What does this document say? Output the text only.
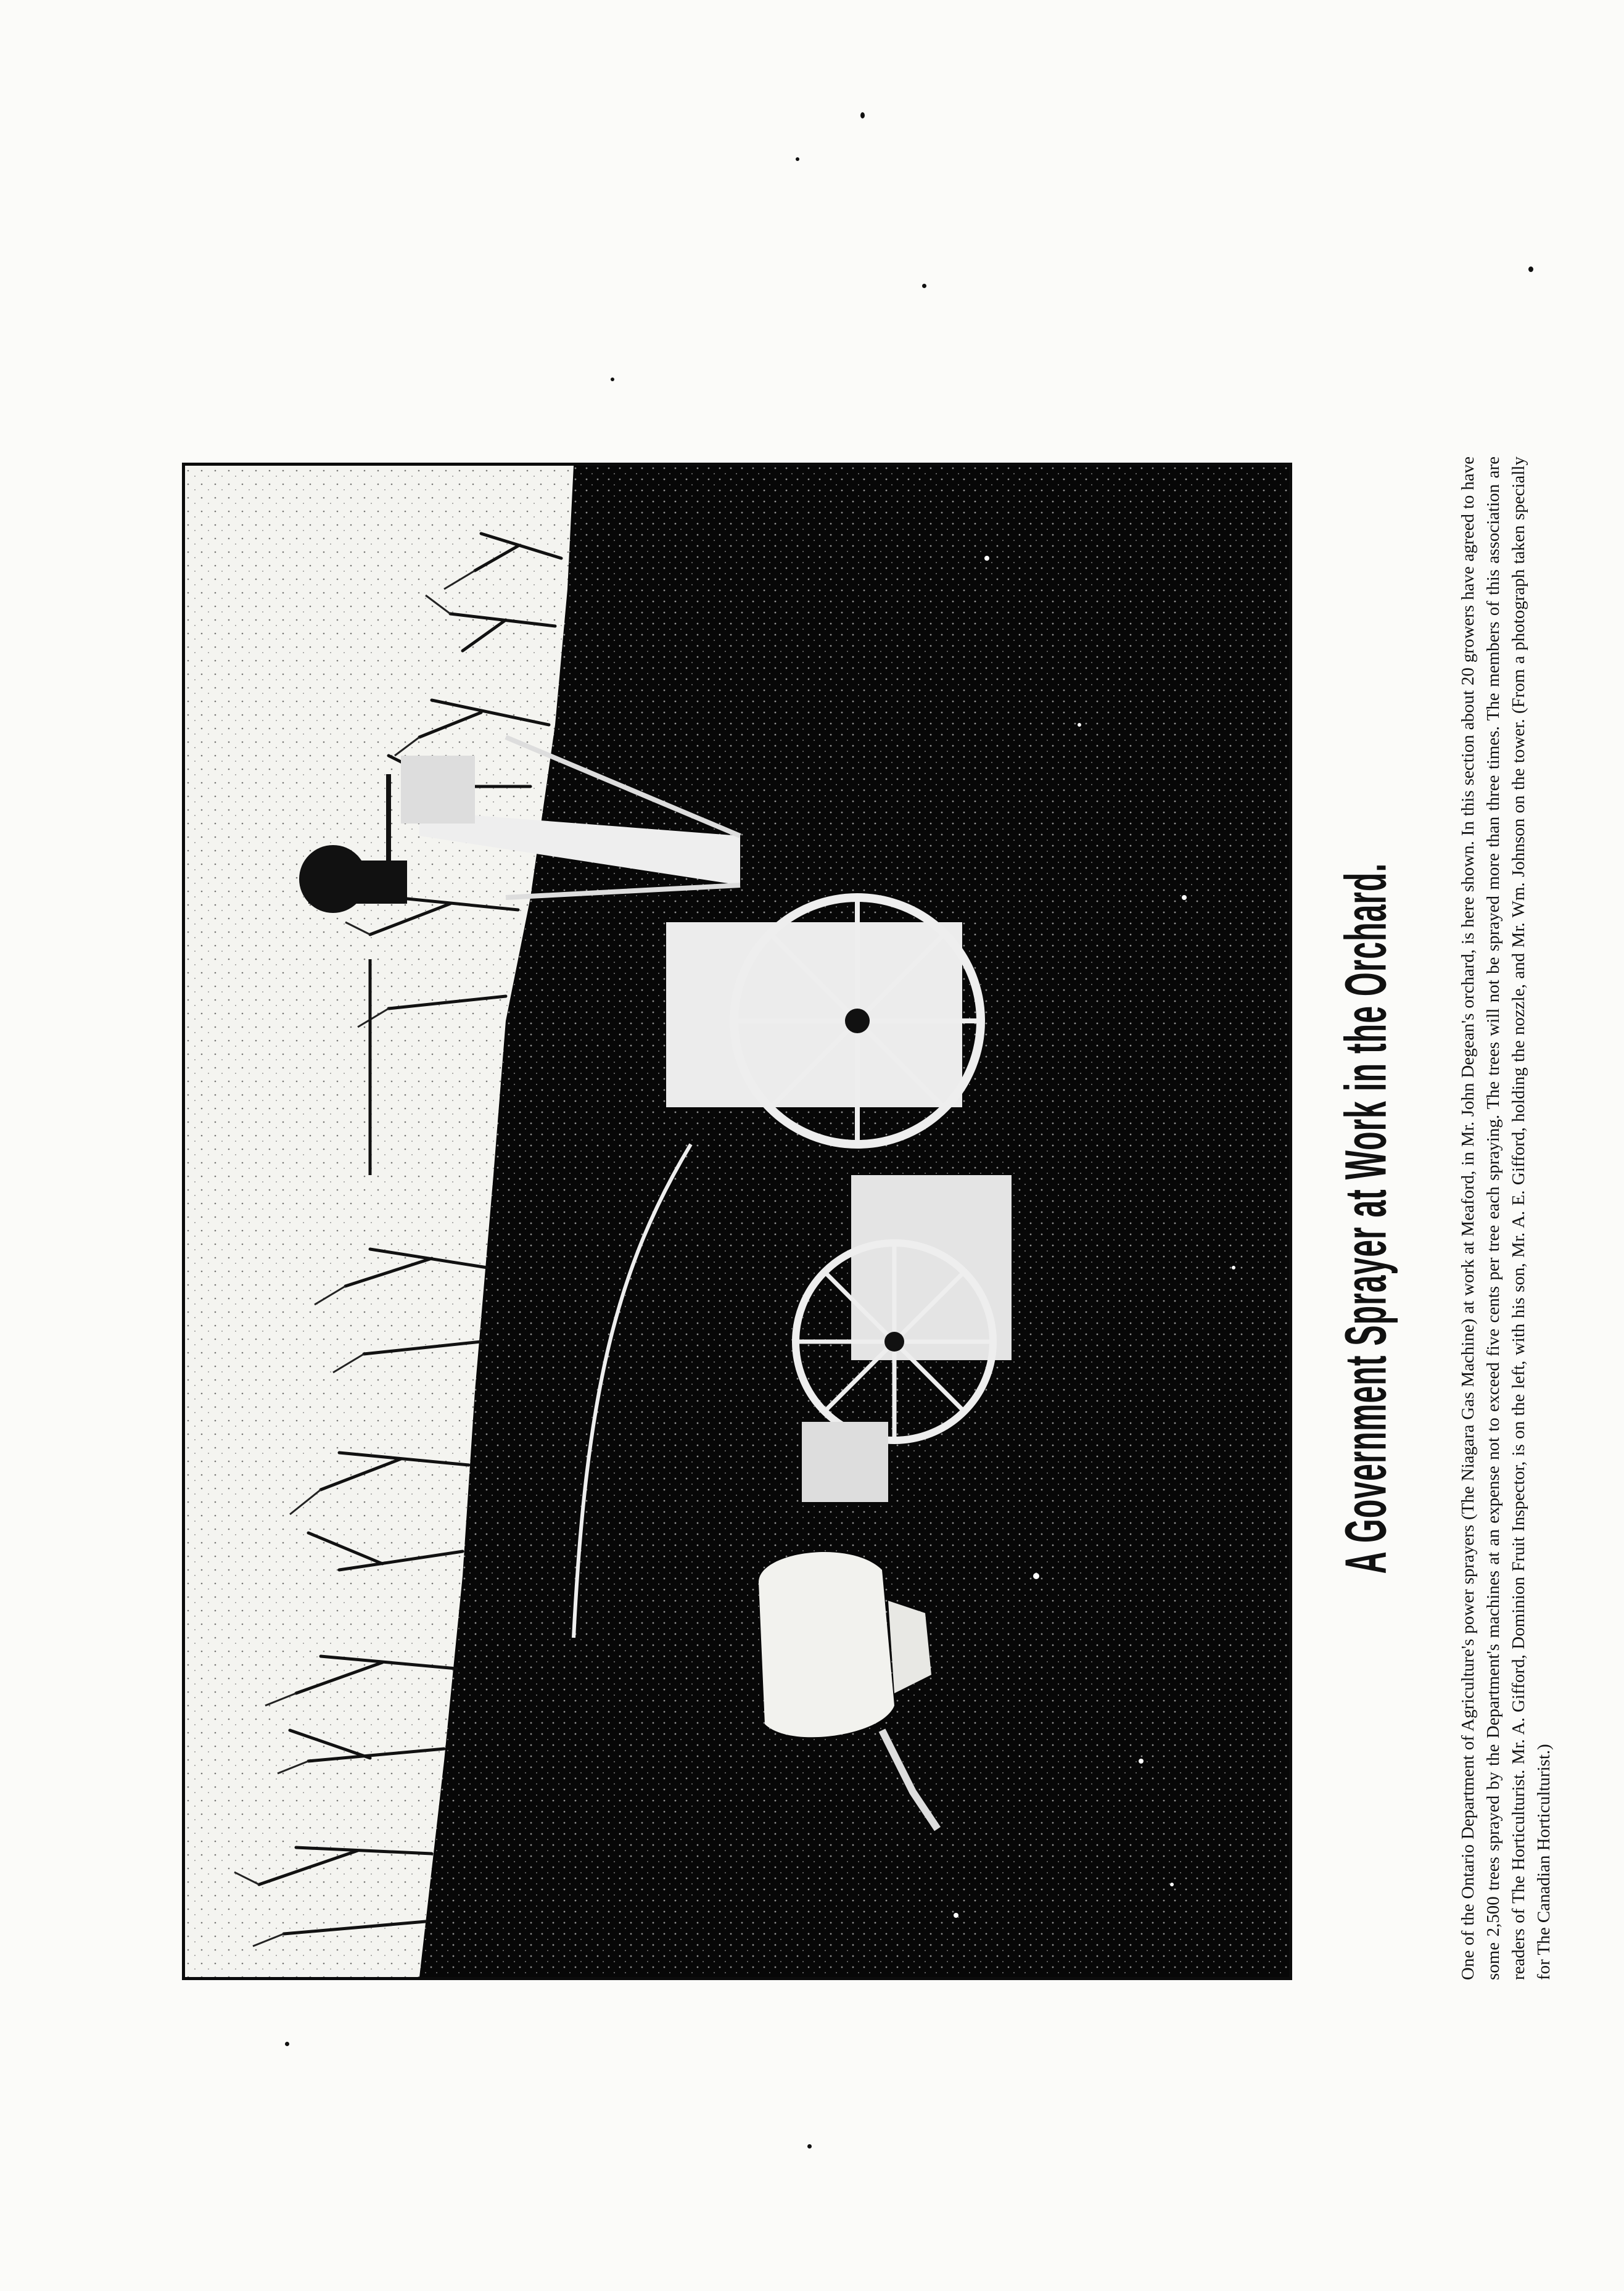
A Government Sprayer at Work in the Orchard.	One of the Ontario Department of Agriculture's power sprayers (The Niagara Gas Machine) at work at Meaford, in Mr. John Degean's orchard, is here shown. In this section about 20 growers have agreed to have some 2,500 trees sprayed by the Department's machines at an expense not to exceed five cents per tree each spraying. The trees will not be sprayed more than three times. The members of this association are readers of The Horticulturist. Mr. A. Gifford, Dominion Fruit Inspector, is on the left, with his son, Mr. A. E. Gifford, holding the nozzle, and Mr. Wm. Johnson on the tower. (From a photograph taken specially for The Canadian Horticulturist.)
